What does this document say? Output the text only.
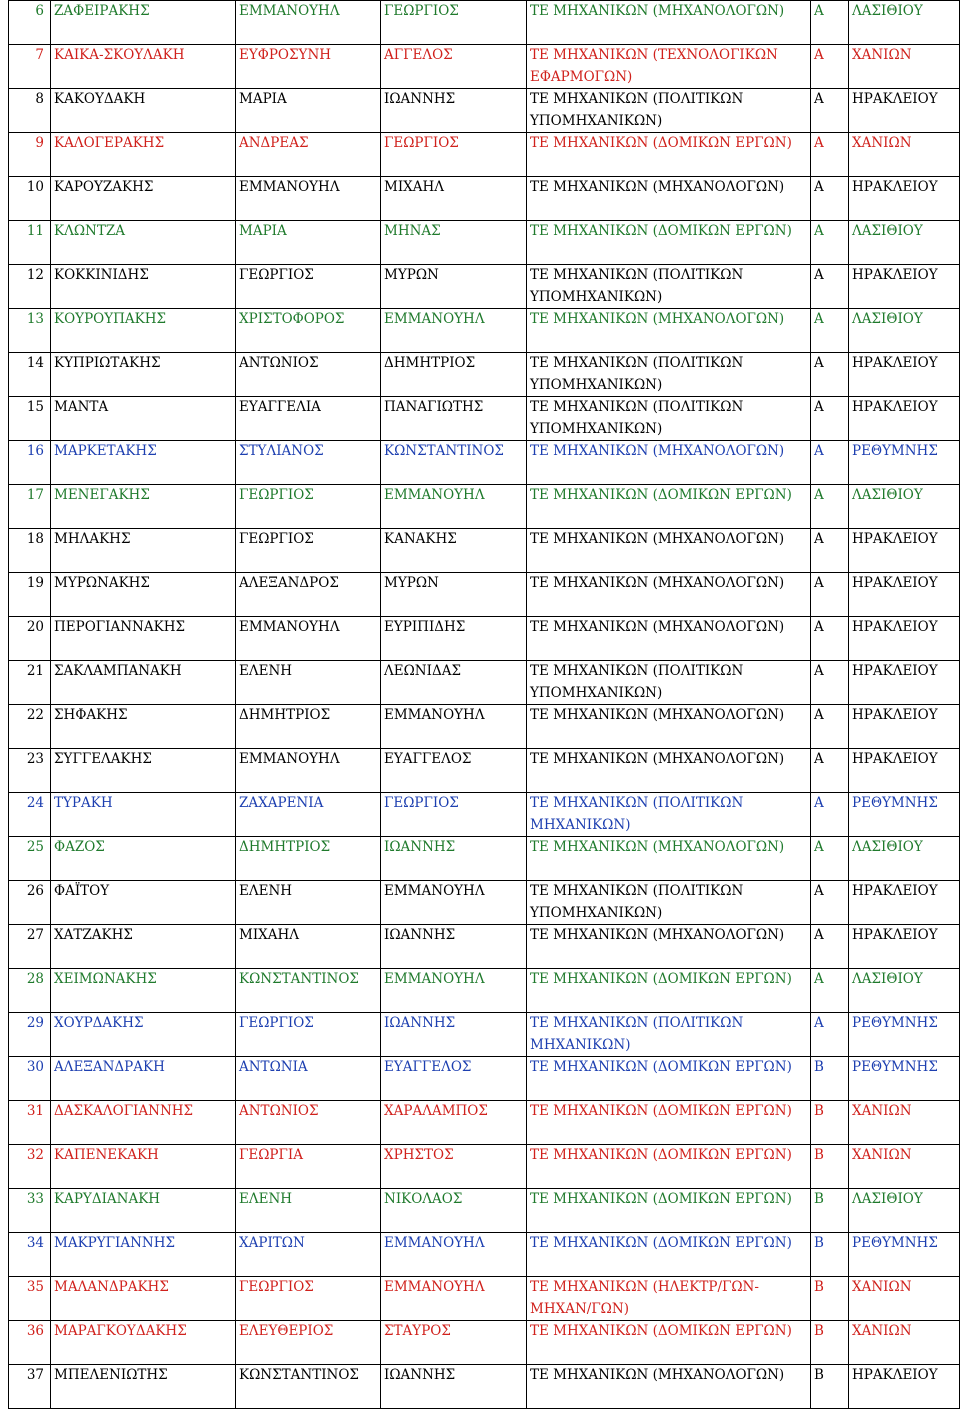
6	ΖΑΦΕΙΡΑΚΗΣ	ΕΜΜΑΝΟΥΗΛ	ΓΕΩΡΓΙΟΣ	ΤΕ ΜΗΧΑΝΙΚΩΝ (ΜΗΧΑΝΟΛΟΓΩΝ)	Α	ΛΑΣΙΘΙΟΥ
7	ΚΑΙΚΑ-ΣΚΟΥΛΑΚΗ	ΕΥΦΡΟΣΥΝΗ	ΑΓΓΕΛΟΣ	ΤΕ ΜΗΧΑΝΙΚΩΝ (ΤΕΧΝΟΛΟΓΙΚΩΝ ΕΦΑΡΜΟΓΩΝ)	Α	ΧΑΝΙΩΝ
8	ΚΑΚΟΥΔΑΚΗ	ΜΑΡΙΑ	ΙΩΑΝΝΗΣ	ΤΕ ΜΗΧΑΝΙΚΩΝ (ΠΟΛΙΤΙΚΩΝ ΥΠΟΜΗΧΑΝΙΚΩΝ)	Α	ΗΡΑΚΛΕΙΟΥ
9	ΚΑΛΟΓΕΡΑΚΗΣ	ΑΝΔΡΕΑΣ	ΓΕΩΡΓΙΟΣ	ΤΕ ΜΗΧΑΝΙΚΩΝ (ΔΟΜΙΚΩΝ ΕΡΓΩΝ)	Α	ΧΑΝΙΩΝ
10	ΚΑΡΟΥΖΑΚΗΣ	ΕΜΜΑΝΟΥΗΛ	ΜΙΧΑΗΛ	ΤΕ ΜΗΧΑΝΙΚΩΝ (ΜΗΧΑΝΟΛΟΓΩΝ)	Α	ΗΡΑΚΛΕΙΟΥ
11	ΚΛΩΝΤΖΑ	ΜΑΡΙΑ	ΜΗΝΑΣ	ΤΕ ΜΗΧΑΝΙΚΩΝ (ΔΟΜΙΚΩΝ ΕΡΓΩΝ)	Α	ΛΑΣΙΘΙΟΥ
12	ΚΟΚΚΙΝΙΔΗΣ	ΓΕΩΡΓΙΟΣ	ΜΥΡΩΝ	ΤΕ ΜΗΧΑΝΙΚΩΝ (ΠΟΛΙΤΙΚΩΝ ΥΠΟΜΗΧΑΝΙΚΩΝ)	Α	ΗΡΑΚΛΕΙΟΥ
13	ΚΟΥΡΟΥΠΑΚΗΣ	ΧΡΙΣΤΟΦΟΡΟΣ	ΕΜΜΑΝΟΥΗΛ	ΤΕ ΜΗΧΑΝΙΚΩΝ (ΜΗΧΑΝΟΛΟΓΩΝ)	Α	ΛΑΣΙΘΙΟΥ
14	ΚΥΠΡΙΩΤΑΚΗΣ	ΑΝΤΩΝΙΟΣ	ΔΗΜΗΤΡΙΟΣ	ΤΕ ΜΗΧΑΝΙΚΩΝ (ΠΟΛΙΤΙΚΩΝ ΥΠΟΜΗΧΑΝΙΚΩΝ)	Α	ΗΡΑΚΛΕΙΟΥ
15	ΜΑΝΤΑ	ΕΥΑΓΓΕΛΙΑ	ΠΑΝΑΓΙΩΤΗΣ	ΤΕ ΜΗΧΑΝΙΚΩΝ (ΠΟΛΙΤΙΚΩΝ ΥΠΟΜΗΧΑΝΙΚΩΝ)	Α	ΗΡΑΚΛΕΙΟΥ
16	ΜΑΡΚΕΤΑΚΗΣ	ΣΤΥΛΙΑΝΟΣ	ΚΩΝΣΤΑΝΤΙΝΟΣ	ΤΕ ΜΗΧΑΝΙΚΩΝ (ΜΗΧΑΝΟΛΟΓΩΝ)	Α	ΡΕΘΥΜΝΗΣ
17	ΜΕΝΕΓΑΚΗΣ	ΓΕΩΡΓΙΟΣ	ΕΜΜΑΝΟΥΗΛ	ΤΕ ΜΗΧΑΝΙΚΩΝ (ΔΟΜΙΚΩΝ ΕΡΓΩΝ)	Α	ΛΑΣΙΘΙΟΥ
18	ΜΗΛΑΚΗΣ	ΓΕΩΡΓΙΟΣ	ΚΑΝΑΚΗΣ	ΤΕ ΜΗΧΑΝΙΚΩΝ (ΜΗΧΑΝΟΛΟΓΩΝ)	Α	ΗΡΑΚΛΕΙΟΥ
19	ΜΥΡΩΝΑΚΗΣ	ΑΛΕΞΑΝΔΡΟΣ	ΜΥΡΩΝ	ΤΕ ΜΗΧΑΝΙΚΩΝ (ΜΗΧΑΝΟΛΟΓΩΝ)	Α	ΗΡΑΚΛΕΙΟΥ
20	ΠΕΡΟΓΙΑΝΝΑΚΗΣ	ΕΜΜΑΝΟΥΗΛ	ΕΥΡΙΠΙΔΗΣ	ΤΕ ΜΗΧΑΝΙΚΩΝ (ΜΗΧΑΝΟΛΟΓΩΝ)	Α	ΗΡΑΚΛΕΙΟΥ
21	ΣΑΚΛΑΜΠΑΝΑΚΗ	ΕΛΕΝΗ	ΛΕΩΝΙΔΑΣ	ΤΕ ΜΗΧΑΝΙΚΩΝ (ΠΟΛΙΤΙΚΩΝ ΥΠΟΜΗΧΑΝΙΚΩΝ)	Α	ΗΡΑΚΛΕΙΟΥ
22	ΣΗΦΑΚΗΣ	ΔΗΜΗΤΡΙΟΣ	ΕΜΜΑΝΟΥΗΛ	ΤΕ ΜΗΧΑΝΙΚΩΝ (ΜΗΧΑΝΟΛΟΓΩΝ)	Α	ΗΡΑΚΛΕΙΟΥ
23	ΣΥΓΓΕΛΑΚΗΣ	ΕΜΜΑΝΟΥΗΛ	ΕΥΑΓΓΕΛΟΣ	ΤΕ ΜΗΧΑΝΙΚΩΝ (ΜΗΧΑΝΟΛΟΓΩΝ)	Α	ΗΡΑΚΛΕΙΟΥ
24	ΤΥΡΑΚΗ	ΖΑΧΑΡΕΝΙΑ	ΓΕΩΡΓΙΟΣ	ΤΕ ΜΗΧΑΝΙΚΩΝ (ΠΟΛΙΤΙΚΩΝ ΜΗΧΑΝΙΚΩΝ)	Α	ΡΕΘΥΜΝΗΣ
25	ΦΑΖΟΣ	ΔΗΜΗΤΡΙΟΣ	ΙΩΑΝΝΗΣ	ΤΕ ΜΗΧΑΝΙΚΩΝ (ΜΗΧΑΝΟΛΟΓΩΝ)	Α	ΛΑΣΙΘΙΟΥ
26	ΦΑΪΤΟΥ	ΕΛΕΝΗ	ΕΜΜΑΝΟΥΗΛ	ΤΕ ΜΗΧΑΝΙΚΩΝ (ΠΟΛΙΤΙΚΩΝ ΥΠΟΜΗΧΑΝΙΚΩΝ)	Α	ΗΡΑΚΛΕΙΟΥ
27	ΧΑΤΖΑΚΗΣ	ΜΙΧΑΗΛ	ΙΩΑΝΝΗΣ	ΤΕ ΜΗΧΑΝΙΚΩΝ (ΜΗΧΑΝΟΛΟΓΩΝ)	Α	ΗΡΑΚΛΕΙΟΥ
28	ΧΕΙΜΩΝΑΚΗΣ	ΚΩΝΣΤΑΝΤΙΝΟΣ	ΕΜΜΑΝΟΥΗΛ	ΤΕ ΜΗΧΑΝΙΚΩΝ (ΔΟΜΙΚΩΝ ΕΡΓΩΝ)	Α	ΛΑΣΙΘΙΟΥ
29	ΧΟΥΡΔΑΚΗΣ	ΓΕΩΡΓΙΟΣ	ΙΩΑΝΝΗΣ	ΤΕ ΜΗΧΑΝΙΚΩΝ (ΠΟΛΙΤΙΚΩΝ ΜΗΧΑΝΙΚΩΝ)	Α	ΡΕΘΥΜΝΗΣ
30	ΑΛΕΞΑΝΔΡΑΚΗ	ΑΝΤΩΝΙΑ	ΕΥΑΓΓΕΛΟΣ	ΤΕ ΜΗΧΑΝΙΚΩΝ (ΔΟΜΙΚΩΝ ΕΡΓΩΝ)	Β	ΡΕΘΥΜΝΗΣ
31	ΔΑΣΚΑΛΟΓΙΑΝΝΗΣ	ΑΝΤΩΝΙΟΣ	ΧΑΡΑΛΑΜΠΟΣ	ΤΕ ΜΗΧΑΝΙΚΩΝ (ΔΟΜΙΚΩΝ ΕΡΓΩΝ)	Β	ΧΑΝΙΩΝ
32	ΚΑΠΕΝΕΚΑΚΗ	ΓΕΩΡΓΙΑ	ΧΡΗΣΤΟΣ	ΤΕ ΜΗΧΑΝΙΚΩΝ (ΔΟΜΙΚΩΝ ΕΡΓΩΝ)	Β	ΧΑΝΙΩΝ
33	ΚΑΡΥΔΙΑΝΑΚΗ	ΕΛΕΝΗ	ΝΙΚΟΛΑΟΣ	ΤΕ ΜΗΧΑΝΙΚΩΝ (ΔΟΜΙΚΩΝ ΕΡΓΩΝ)	Β	ΛΑΣΙΘΙΟΥ
34	ΜΑΚΡΥΓΙΑΝΝΗΣ	ΧΑΡΙΤΩΝ	ΕΜΜΑΝΟΥΗΛ	ΤΕ ΜΗΧΑΝΙΚΩΝ (ΔΟΜΙΚΩΝ ΕΡΓΩΝ)	Β	ΡΕΘΥΜΝΗΣ
35	ΜΑΛΑΝΔΡΑΚΗΣ	ΓΕΩΡΓΙΟΣ	ΕΜΜΑΝΟΥΗΛ	ΤΕ ΜΗΧΑΝΙΚΩΝ (ΗΛΕΚΤΡ/ΓΩΝ-ΜΗΧΑΝ/ΓΩΝ)	Β	ΧΑΝΙΩΝ
36	ΜΑΡΑΓΚΟΥΔΑΚΗΣ	ΕΛΕΥΘΕΡΙΟΣ	ΣΤΑΥΡΟΣ	ΤΕ ΜΗΧΑΝΙΚΩΝ (ΔΟΜΙΚΩΝ ΕΡΓΩΝ)	Β	ΧΑΝΙΩΝ
37	ΜΠΕΛΕΝΙΩΤΗΣ	ΚΩΝΣΤΑΝΤΙΝΟΣ	ΙΩΑΝΝΗΣ	ΤΕ ΜΗΧΑΝΙΚΩΝ (ΜΗΧΑΝΟΛΟΓΩΝ)	Β	ΗΡΑΚΛΕΙΟΥ
